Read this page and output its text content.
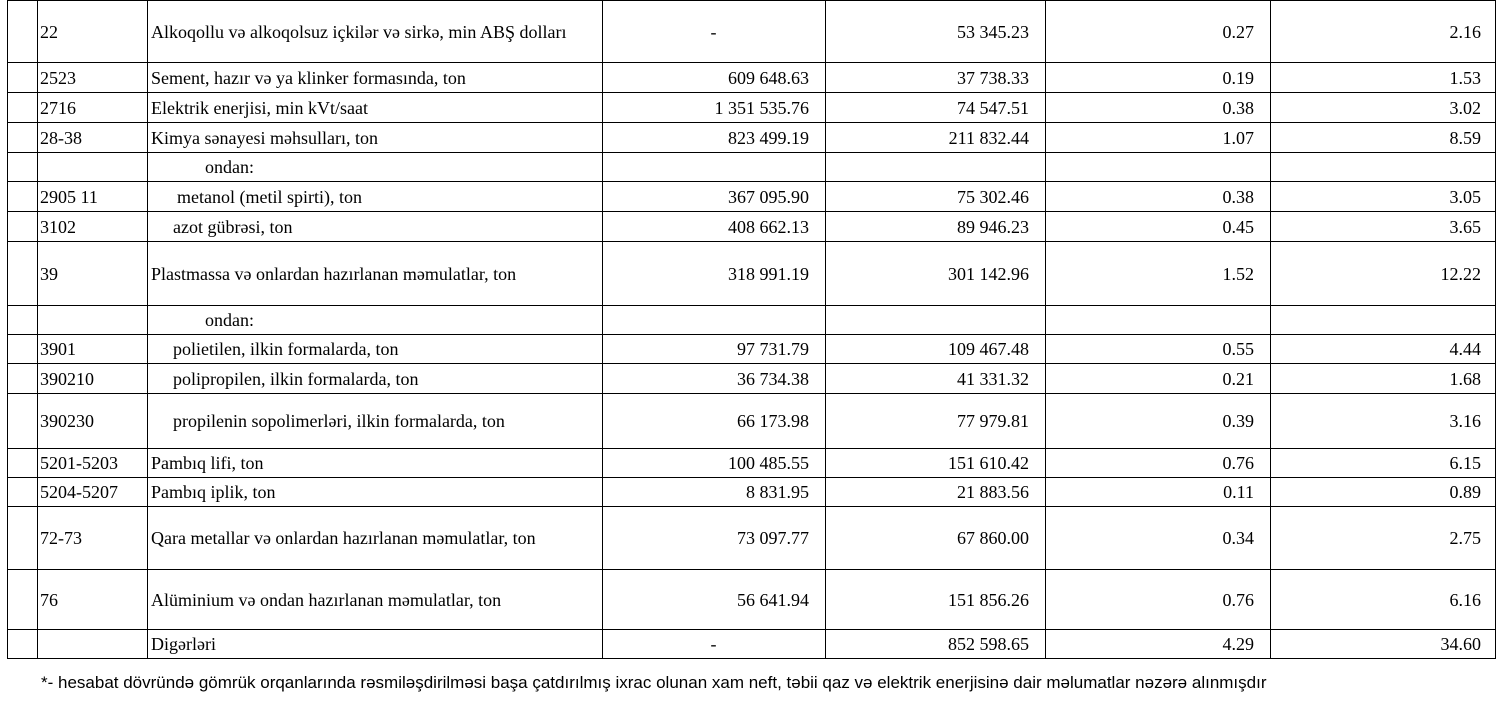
	22	Alkoqollu və alkoqolsuz içkilər və sirkə, min ABŞ dolları	-	53 345.23	0.27	2.16
	2523	Sement, hazır və ya klinker formasında, ton	609 648.63	37 738.33	0.19	1.53
	2716	Elektrik enerjisi, min kVt/saat	1 351 535.76	74 547.51	0.38	3.02
	28-38	Kimya sənayesi məhsulları, ton	823 499.19	211 832.44	1.07	8.59
		ondan:				
	2905 11	metanol (metil spirti), ton	367 095.90	75 302.46	0.38	3.05
	3102	azot gübrəsi, ton	408 662.13	89 946.23	0.45	3.65
	39	Plastmassa və onlardan hazırlanan məmulatlar, ton	318 991.19	301 142.96	1.52	12.22
		ondan:				
	3901	polietilen, ilkin formalarda, ton	97 731.79	109 467.48	0.55	4.44
	390210	polipropilen, ilkin formalarda, ton	36 734.38	41 331.32	0.21	1.68
	390230	propilenin sopolimerləri, ilkin formalarda, ton	66 173.98	77 979.81	0.39	3.16
	5201-5203	Pambıq lifi, ton	100 485.55	151 610.42	0.76	6.15
	5204-5207	Pambıq iplik, ton	8 831.95	21 883.56	0.11	0.89
	72-73	Qara metallar və onlardan hazırlanan məmulatlar, ton	73 097.77	67 860.00	0.34	2.75
	76	Alüminium və ondan hazırlanan məmulatlar, ton	56 641.94	151 856.26	0.76	6.16
		Digərləri	-	852 598.65	4.29	34.60
*- hesabat dövründə gömrük orqanlarında rəsmiləşdirilməsi başa çatdırılmış ixrac olunan xam neft, təbii qaz və elektrik enerjisinə dair məlumatlar nəzərə alınmışdır
